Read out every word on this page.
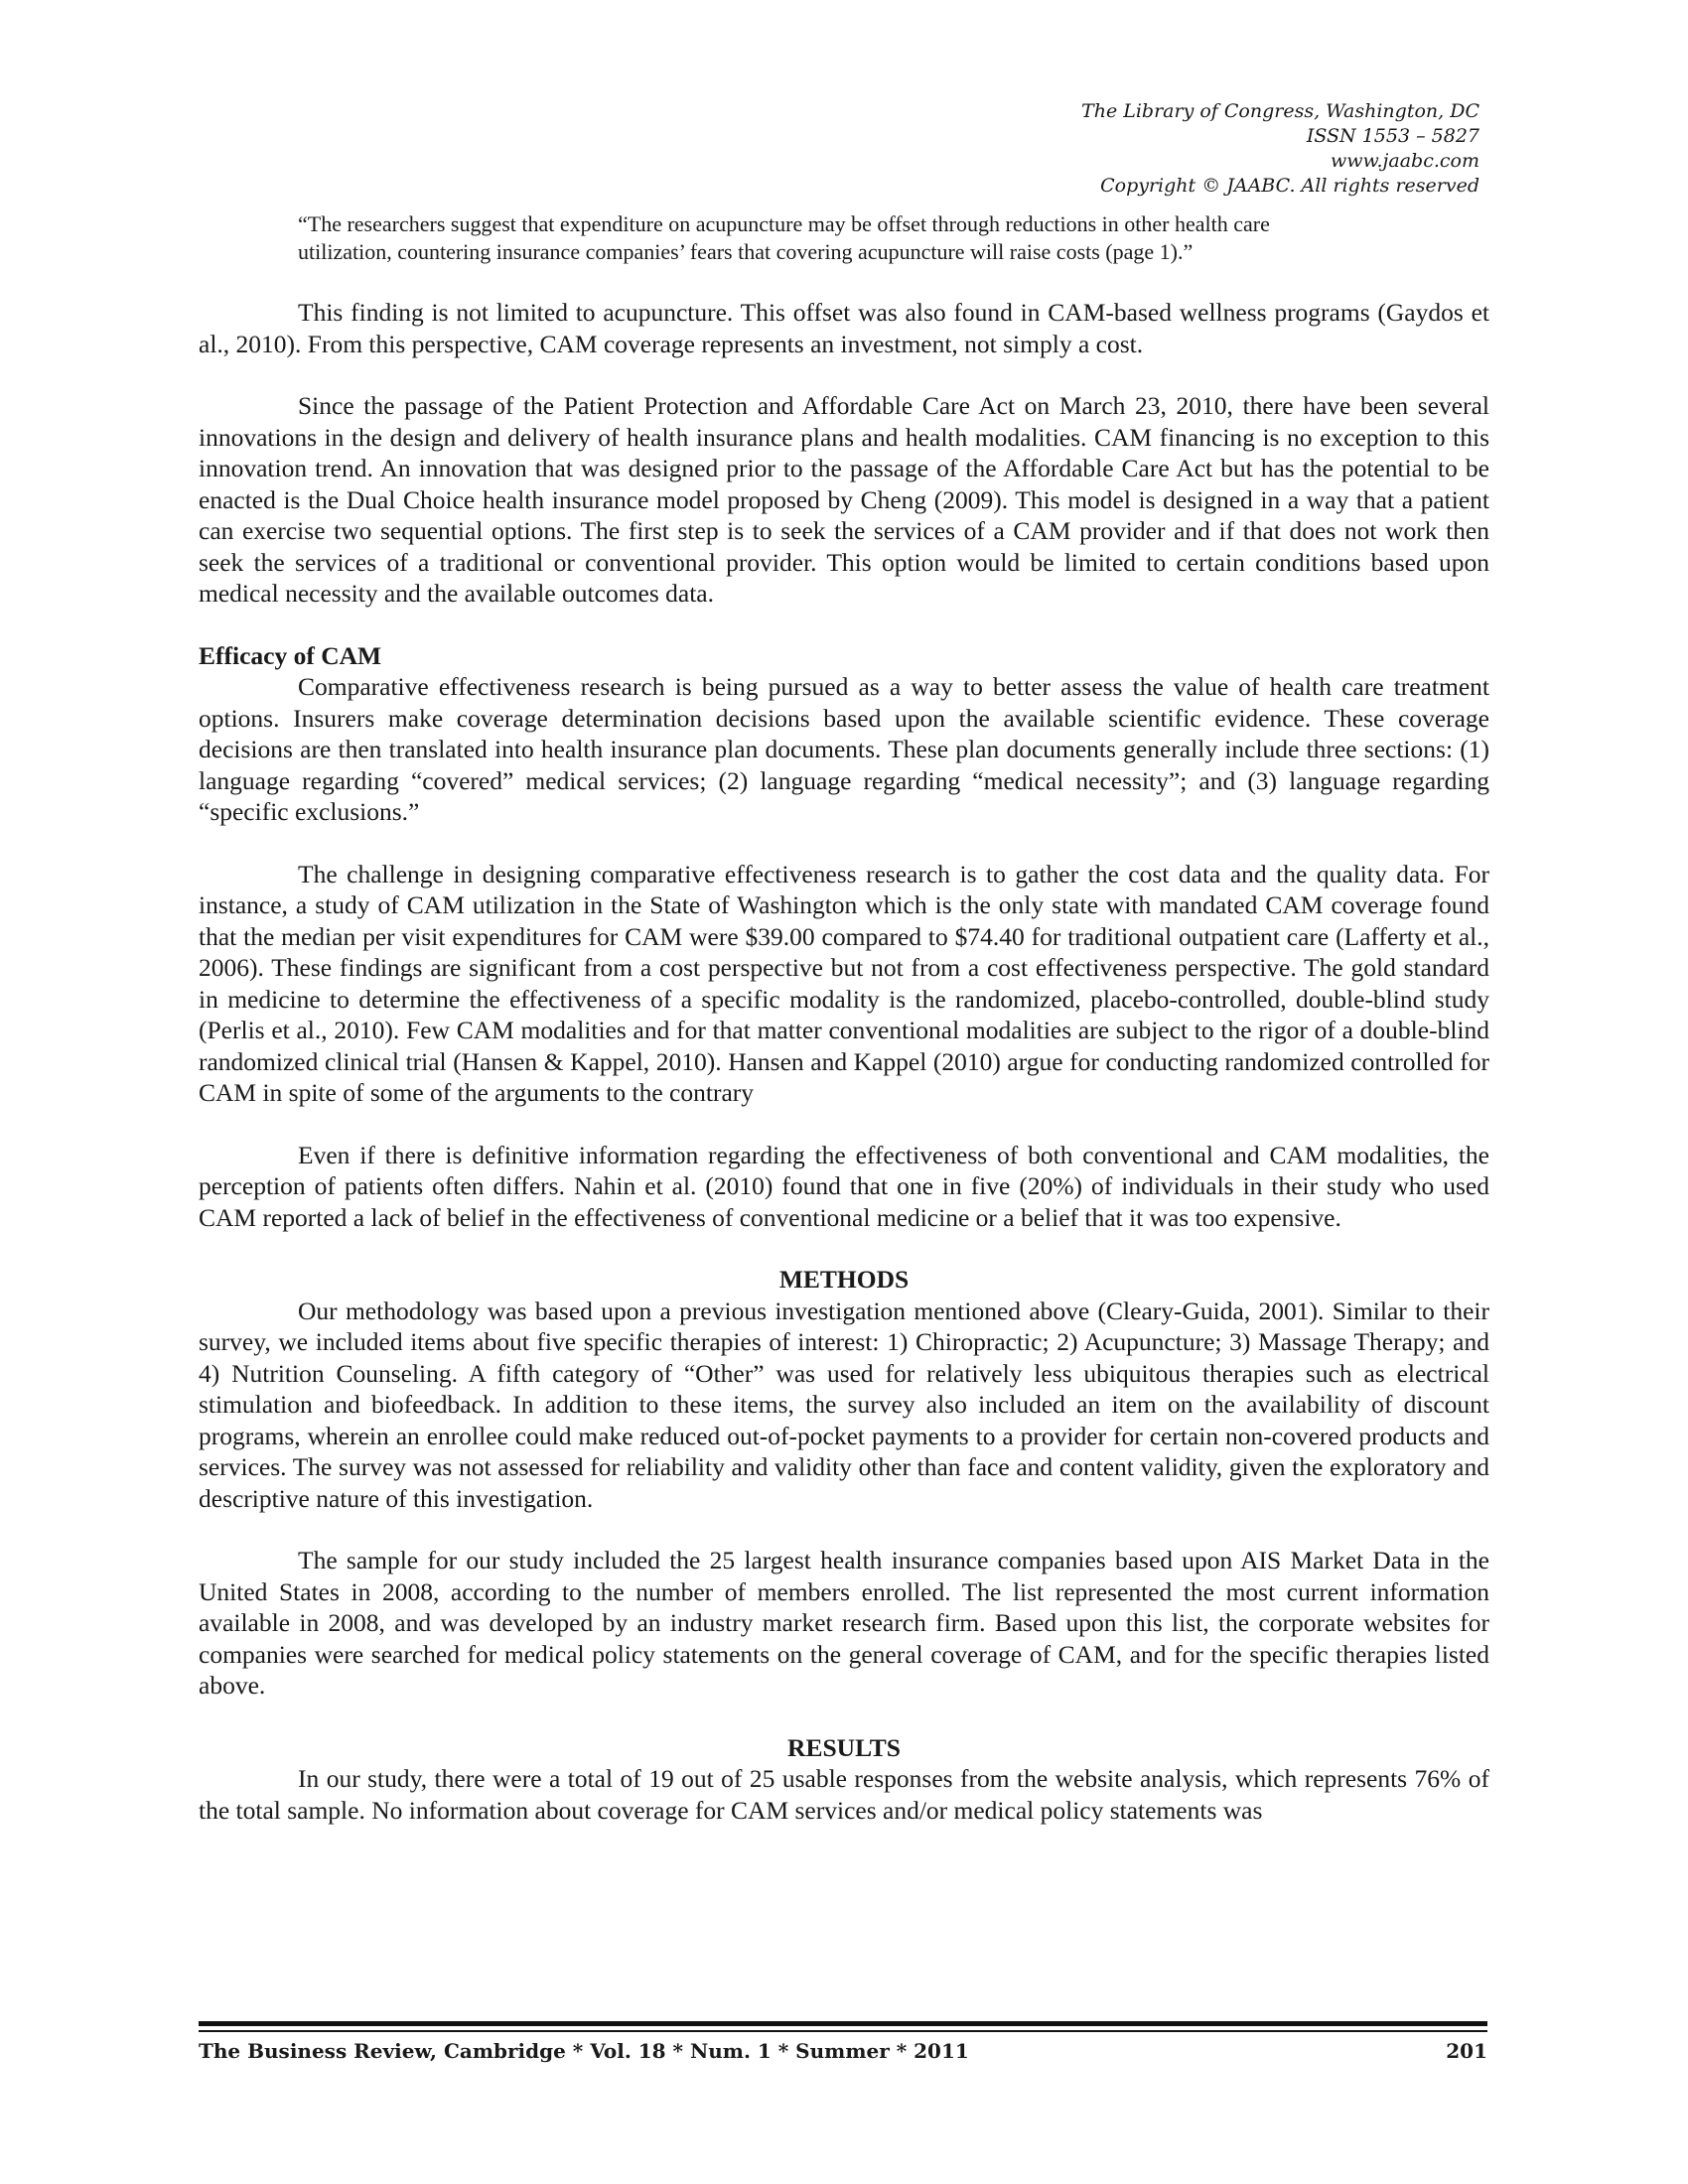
The Library of Congress, Washington, DC
ISSN 1553 – 5827
www.jaabc.com
Copyright © JAABC. All rights reserved

“The researchers suggest that expenditure on acupuncture may be offset through reductions in other health care utilization, countering insurance companies’ fears that covering acupuncture will raise costs (page 1).”

This finding is not limited to acupuncture. This offset was also found in CAM-based wellness programs (Gaydos et al., 2010). From this perspective, CAM coverage represents an investment, not simply a cost.

Since the passage of the Patient Protection and Affordable Care Act on March 23, 2010, there have been several innovations in the design and delivery of health insurance plans and health modalities. CAM financing is no exception to this innovation trend. An innovation that was designed prior to the passage of the Affordable Care Act but has the potential to be enacted is the Dual Choice health insurance model proposed by Cheng (2009). This model is designed in a way that a patient can exercise two sequential options. The first step is to seek the services of a CAM provider and if that does not work then seek the services of a traditional or conventional provider. This option would be limited to certain conditions based upon medical necessity and the available outcomes data.

Efficacy of CAM

Comparative effectiveness research is being pursued as a way to better assess the value of health care treatment options. Insurers make coverage determination decisions based upon the available scientific evidence. These coverage decisions are then translated into health insurance plan documents. These plan documents generally include three sections: (1) language regarding “covered” medical services; (2) language regarding “medical necessity”; and (3) language regarding “specific exclusions.”

The challenge in designing comparative effectiveness research is to gather the cost data and the quality data. For instance, a study of CAM utilization in the State of Washington which is the only state with mandated CAM coverage found that the median per visit expenditures for CAM were $39.00 compared to $74.40 for traditional outpatient care (Lafferty et al., 2006). These findings are significant from a cost perspective but not from a cost effectiveness perspective. The gold standard in medicine to determine the effectiveness of a specific modality is the randomized, placebo-controlled, double-blind study (Perlis et al., 2010). Few CAM modalities and for that matter conventional modalities are subject to the rigor of a double-blind randomized clinical trial (Hansen & Kappel, 2010). Hansen and Kappel (2010) argue for conducting randomized controlled for CAM in spite of some of the arguments to the contrary

Even if there is definitive information regarding the effectiveness of both conventional and CAM modalities, the perception of patients often differs. Nahin et al. (2010) found that one in five (20%) of individuals in their study who used CAM reported a lack of belief in the effectiveness of conventional medicine or a belief that it was too expensive.

METHODS

Our methodology was based upon a previous investigation mentioned above (Cleary-Guida, 2001). Similar to their survey, we included items about five specific therapies of interest: 1) Chiropractic; 2) Acupuncture; 3) Massage Therapy; and 4) Nutrition Counseling. A fifth category of “Other” was used for relatively less ubiquitous therapies such as electrical stimulation and biofeedback. In addition to these items, the survey also included an item on the availability of discount programs, wherein an enrollee could make reduced out-of-pocket payments to a provider for certain non-covered products and services. The survey was not assessed for reliability and validity other than face and content validity, given the exploratory and descriptive nature of this investigation.

The sample for our study included the 25 largest health insurance companies based upon AIS Market Data in the United States in 2008, according to the number of members enrolled. The list represented the most current information available in 2008, and was developed by an industry market research firm. Based upon this list, the corporate websites for companies were searched for medical policy statements on the general coverage of CAM, and for the specific therapies listed above.

RESULTS

In our study, there were a total of 19 out of 25 usable responses from the website analysis, which represents 76% of the total sample. No information about coverage for CAM services and/or medical policy statements was

The Business Review, Cambridge * Vol. 18 * Num. 1 * Summer * 2011	201
